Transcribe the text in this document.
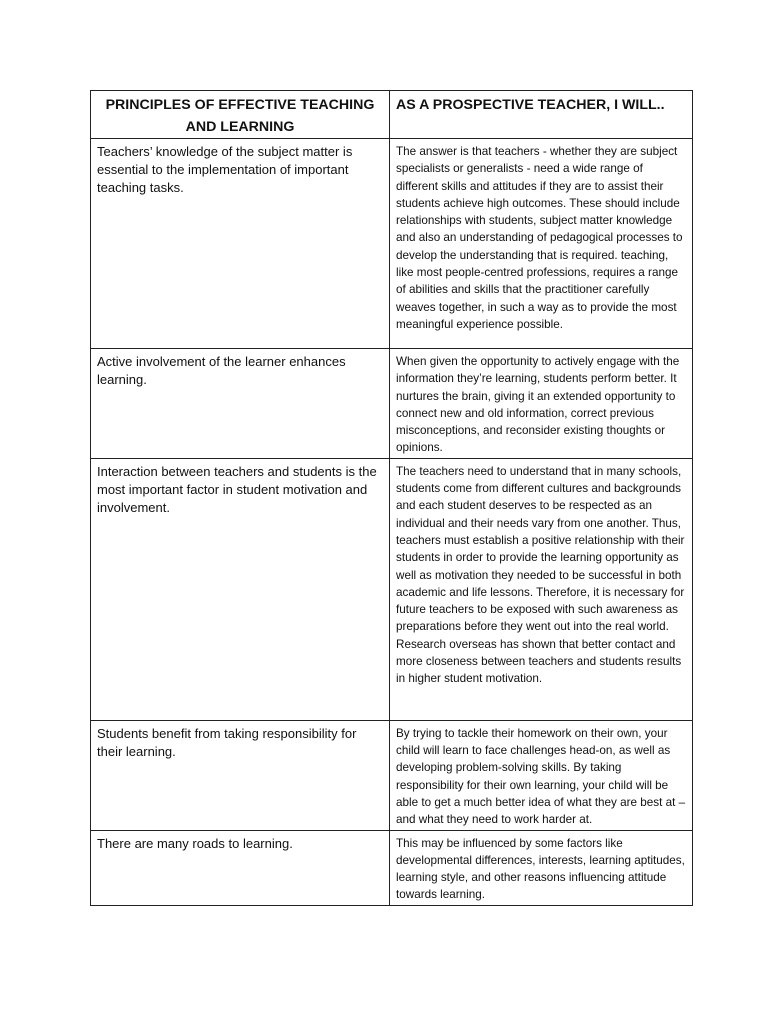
PRINCIPLES OF EFFECTIVE TEACHING AND LEARNING	AS A PROSPECTIVE TEACHER, I WILL..
Teachers’ knowledge of the subject matter is essential to the implementation of important teaching tasks.	The answer is that teachers - whether they are subject specialists or generalists - need a wide range of different skills and attitudes if they are to assist their students achieve high outcomes. These should include relationships with students, subject matter knowledge and also an understanding of pedagogical processes to develop the understanding that is required. teaching, like most people-centred professions, requires a range of abilities and skills that the practitioner carefully weaves together, in such a way as to provide the most meaningful experience possible.
Active involvement of the learner enhances learning.	When given the opportunity to actively engage with the information they’re learning, students perform better. It nurtures the brain, giving it an extended opportunity to connect new and old information, correct previous misconceptions, and reconsider existing thoughts or opinions.
Interaction between teachers and students is the most important factor in student motivation and involvement.	The teachers need to understand that in many schools, students come from different cultures and backgrounds and each student deserves to be respected as an individual and their needs vary from one another. Thus, teachers must establish a positive relationship with their students in order to provide the learning opportunity as well as motivation they needed to be successful in both academic and life lessons. Therefore, it is necessary for future teachers to be exposed with such awareness as preparations before they went out into the real world. Research overseas has shown that better contact and more closeness between teachers and students results in higher student motivation.
Students benefit from taking responsibility for their learning.	By trying to tackle their homework on their own, your child will learn to face challenges head-on, as well as developing problem-solving skills. By taking responsibility for their own learning, your child will be able to get a much better idea of what they are best at – and what they need to work harder at.
There are many roads to learning.	This may be influenced by some factors like developmental differences, interests, learning aptitudes, learning style, and other reasons influencing attitude towards learning.
